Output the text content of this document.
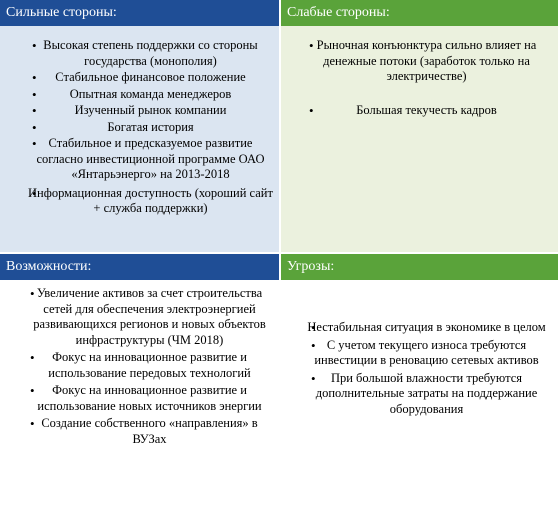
Сильные стороны:
• Высокая степень поддержки со стороны государства (монополия)
• Стабильное финансовое положение
• Опытная команда менеджеров
• Изученный рынок компании
• Богатая история
• Стабильное и предсказуемое развитие согласно инвестиционной программе ОАО «Янтарьэнерго» на 2013-2018
• Информационная доступность (хороший сайт + служба поддержки)
Слабые стороны:
• Рыночная конъюнктура сильно влияет на денежные потоки (заработок только на электричестве)
• Большая текучесть кадров
Возможности:
• Увеличение активов за счет строительства сетей для обеспечения электроэнергией развивающихся регионов и новых объектов инфраструктуры (ЧМ 2018)
• Фокус на инновационное развитие и использование передовых технологий
• Фокус на инновационное развитие и использование новых источников энергии
• Создание собственного «направления» в ВУЗах
Угрозы:
• Нестабильная ситуация в экономике в целом
• С учетом текущего износа требуются инвестиции в реновацию сетевых активов
• При большой влажности требуются дополнительные затраты на поддержание оборудования
